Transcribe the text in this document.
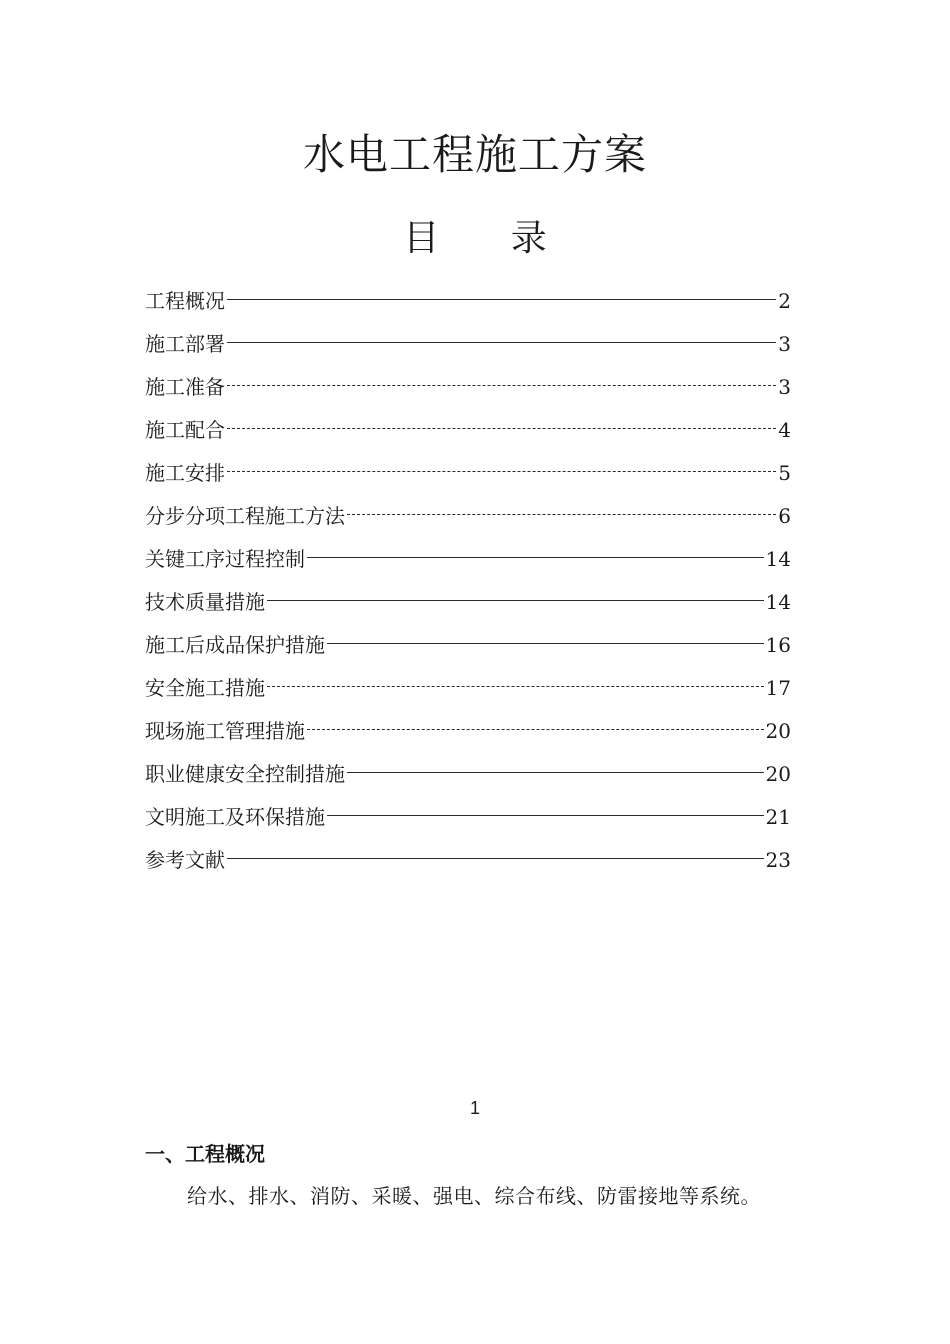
水电工程施工方案
目 录
工程概况	2
施工部署	3
施工准备	3
施工配合	4
施工安排	5
分步分项工程施工方法	6
关键工序过程控制	14
技术质量措施	14
施工后成品保护措施	16
安全施工措施	17
现场施工管理措施	20
职业健康安全控制措施	20
文明施工及环保措施	21
参考文献	23
1
一、工程概况

给水、排水、消防、采暖、强电、综合布线、防雷接地等系统。
